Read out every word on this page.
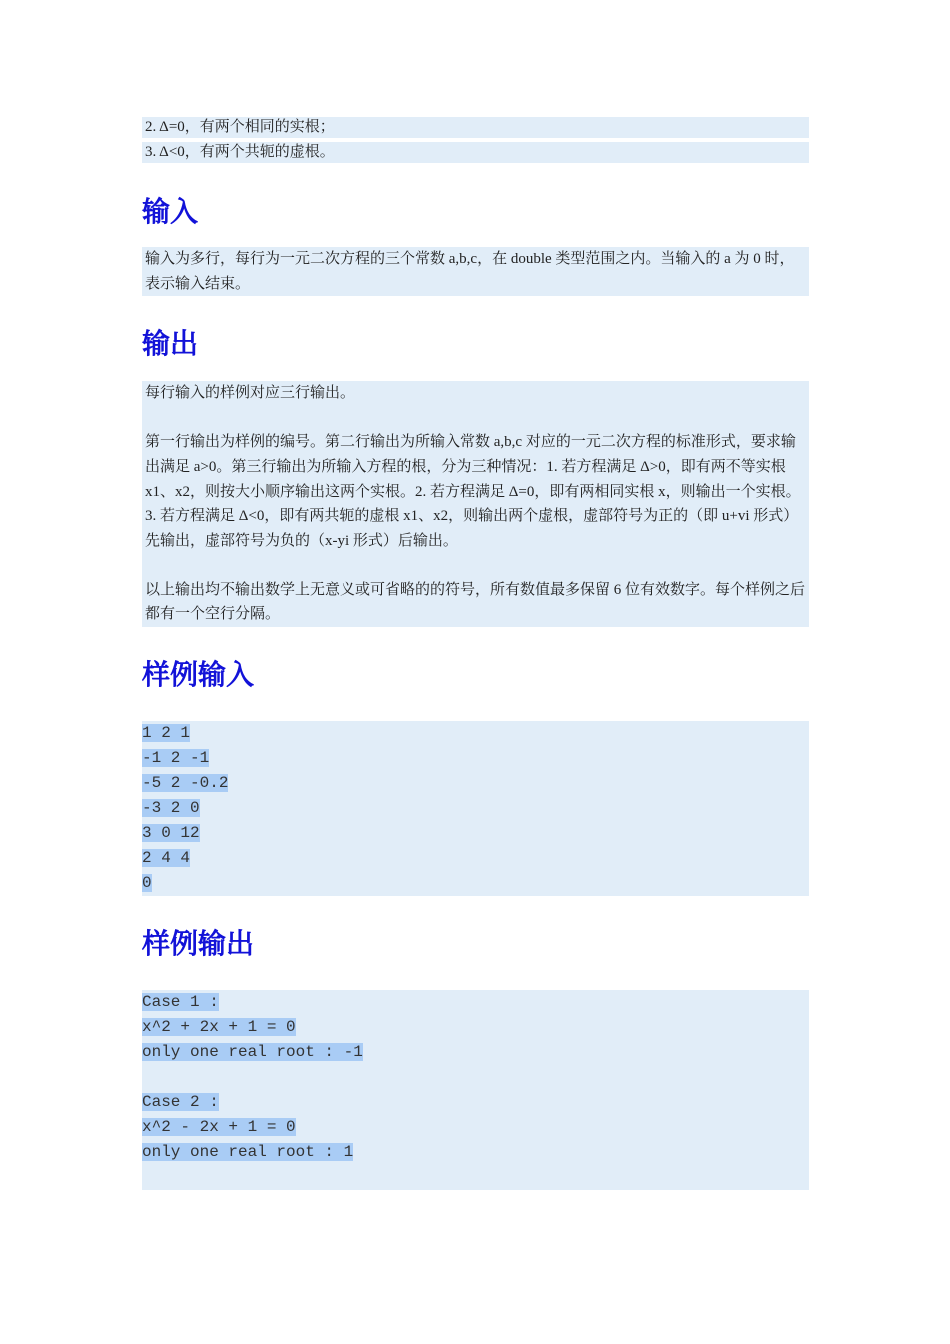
2. Δ=0，有两个相同的实根；
3. Δ<0，有两个共轭的虚根。
输入

输入为多行，每行为一元二次方程的三个常数 a,b,c，在 double 类型范围之内。当输入的 a 为 0 时，表示输入结束。

输出

每行输入的样例对应三行输出。

第一行输出为样例的编号。第二行输出为所输入常数 a,b,c 对应的一元二次方程的标准形式，要求输出满足 a>0。第三行输出为所输入方程的根，分为三种情况：1. 若方程满足 Δ>0，即有两不等实根 x1、x2，则按大小顺序输出这两个实根。2. 若方程满足 Δ=0，即有两相同实根 x，则输出一个实根。3. 若方程满足 Δ<0，即有两共轭的虚根 x1、x2，则输出两个虚根，虚部符号为正的（即 u+vi 形式）先输出，虚部符号为负的（x-yi 形式）后输出。

以上输出均不输出数学上无意义或可省略的的符号，所有数值最多保留 6 位有效数字。每个样例之后都有一个空行分隔。

样例输入
1 2 1
-1 2 -1
-5 2 -0.2
-3 2 0
3 0 12
2 4 4
0
样例输出
Case 1 :
x^2 + 2x + 1 = 0
only one real root : -1
Case 2 :
x^2 - 2x + 1 = 0
only one real root : 1
